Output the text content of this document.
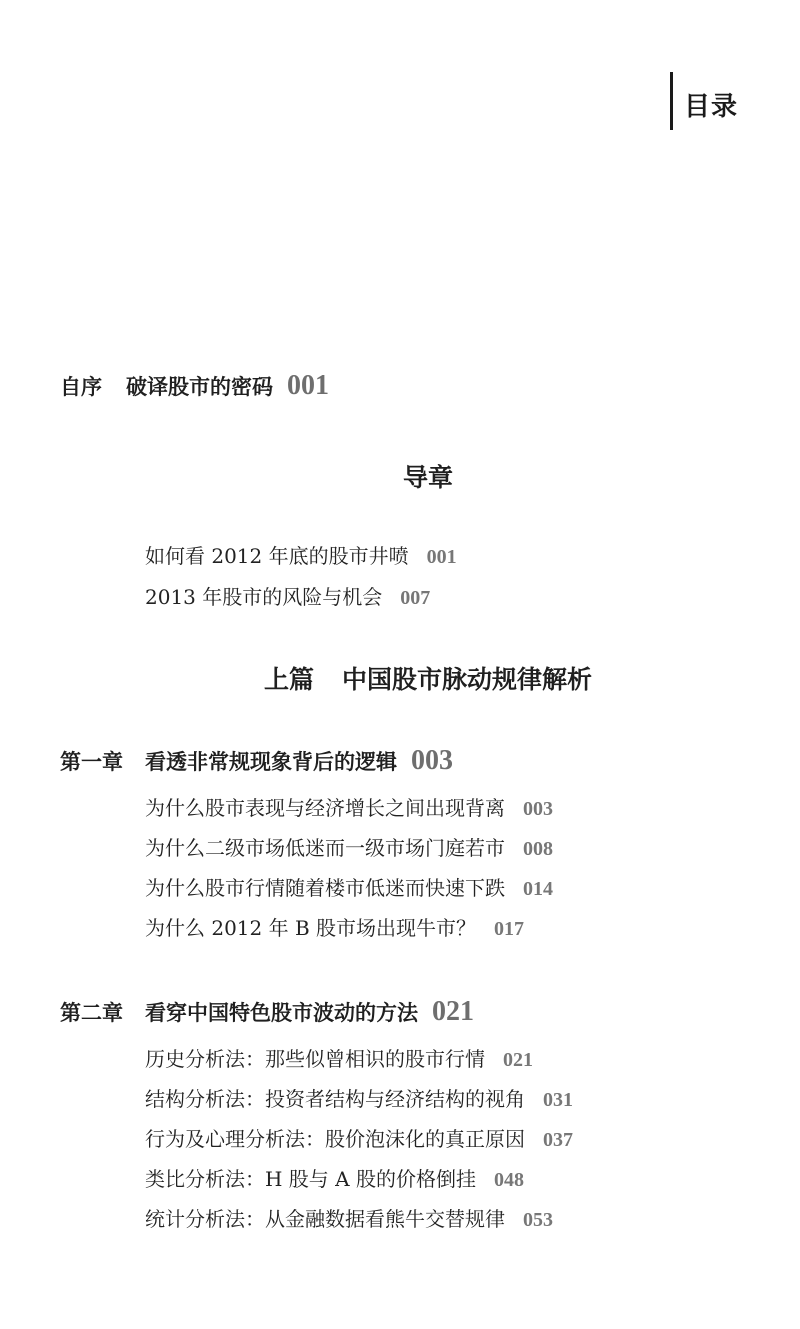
目录
自序 破译股市的密码 001
导章
如何看 2012 年底的股市井喷 001
2013 年股市的风险与机会 007
上篇 中国股市脉动规律解析
第一章 看透非常规现象背后的逻辑 003
为什么股市表现与经济增长之间出现背离 003
为什么二级市场低迷而一级市场门庭若市 008
为什么股市行情随着楼市低迷而快速下跌 014
为什么 2012 年 B 股市场出现牛市？ 017
第二章 看穿中国特色股市波动的方法 021
历史分析法：那些似曾相识的股市行情 021
结构分析法：投资者结构与经济结构的视角 031
行为及心理分析法：股价泡沫化的真正原因 037
类比分析法：H 股与 A 股的价格倒挂 048
统计分析法：从金融数据看熊牛交替规律 053
